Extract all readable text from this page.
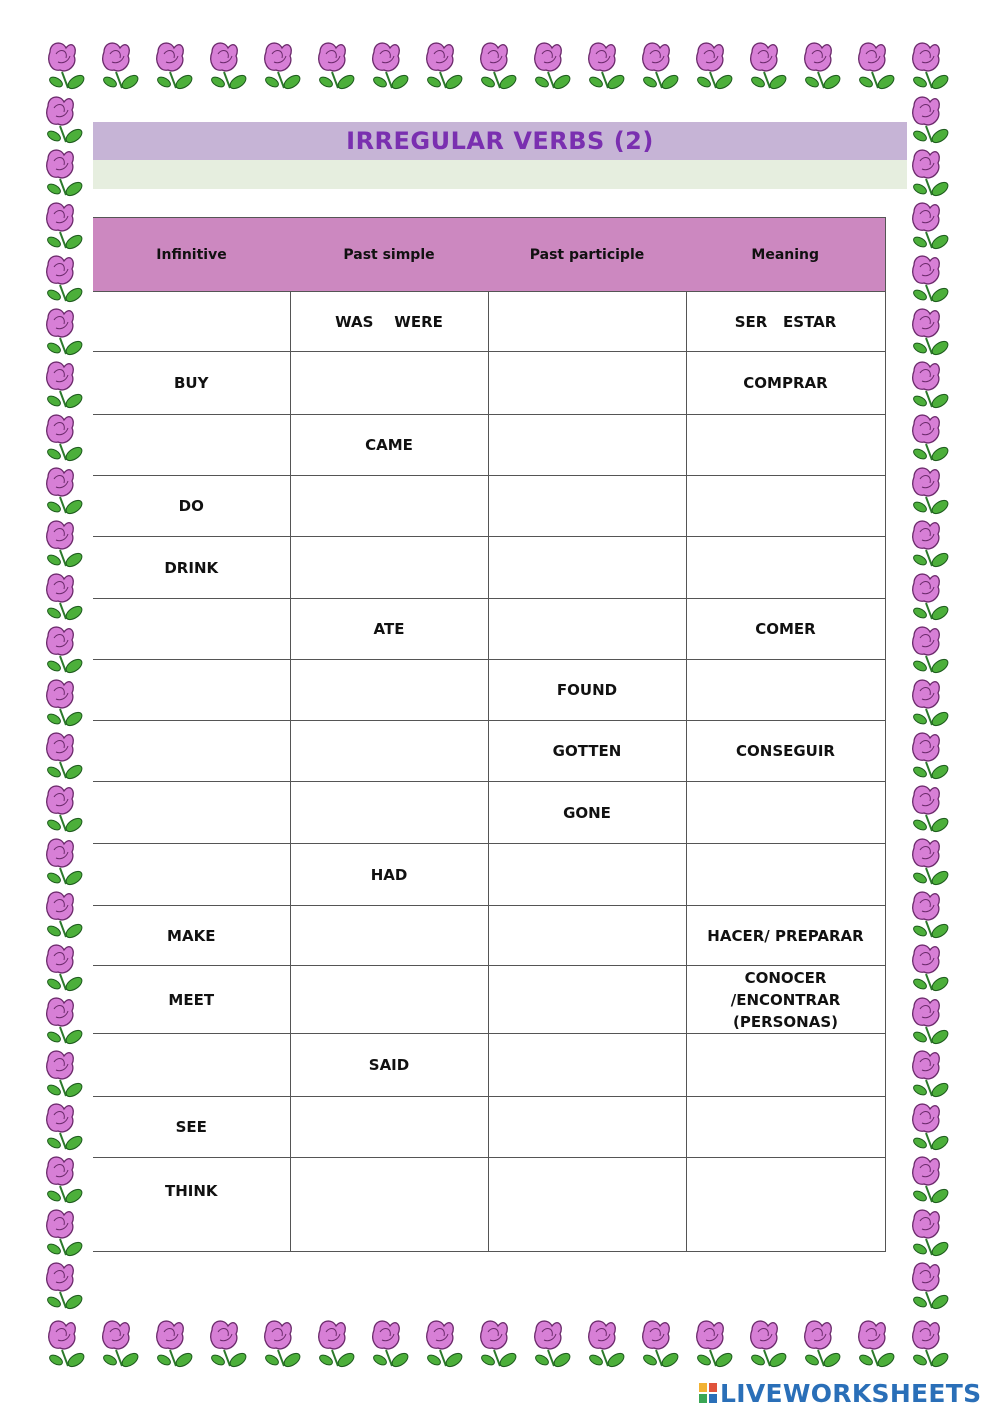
IRREGULAR VERBS (2)
Infinitive	Past simple	Past participle	Meaning
	WAS    WERE		SER   ESTAR
BUY			COMPRAR
	CAME		
DO			
DRINK			
	ATE		COMER
		FOUND	
		GOTTEN	CONSEGUIR
		GONE	
	HAD		
MAKE			HACER/ PREPARAR
MEET			CONOCER /ENCONTRAR (PERSONAS)
	SAID		
SEE			
THINK			
LIVEWORKSHEETS
